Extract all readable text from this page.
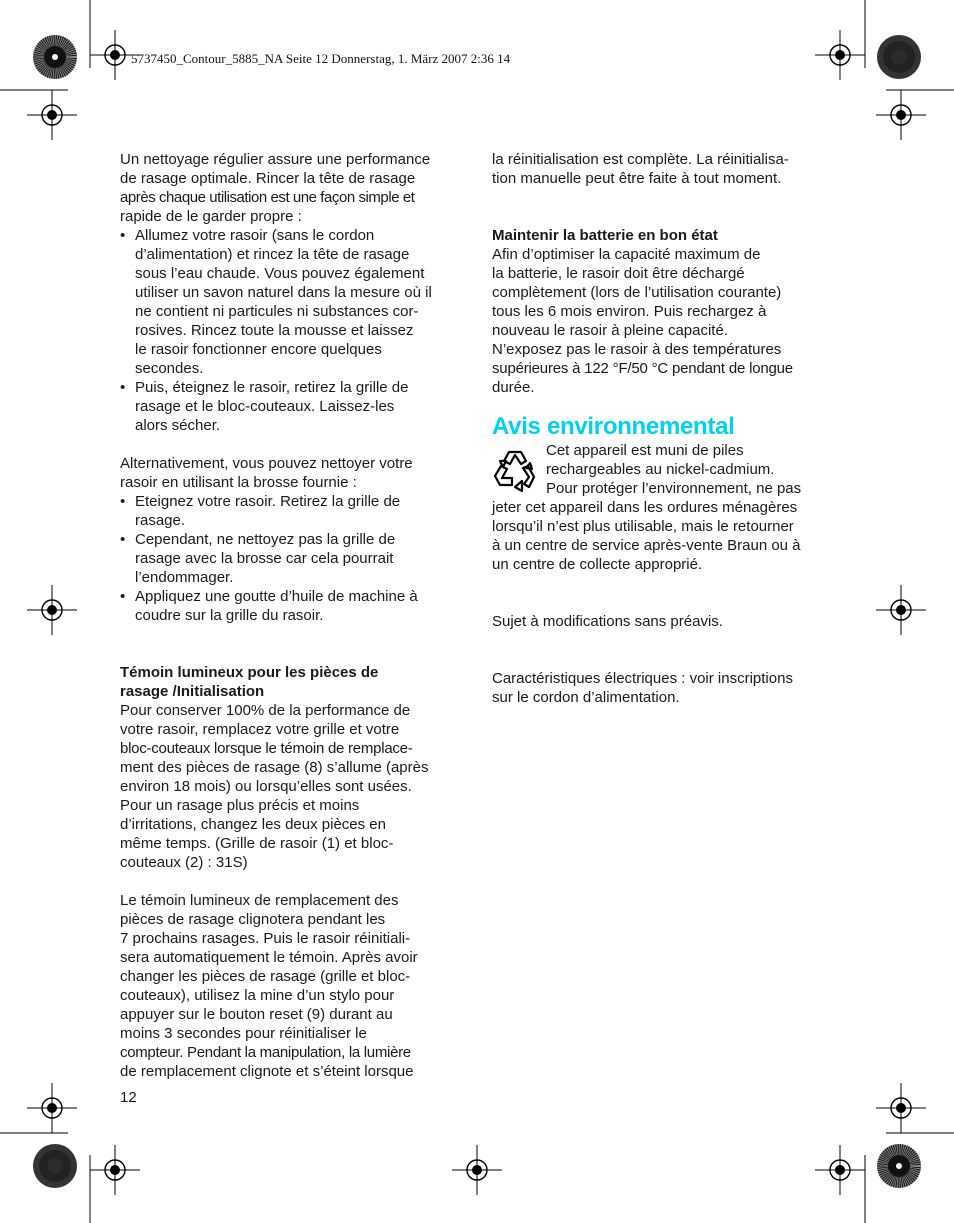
5737450_Contour_5885_NA Seite 12 Donnerstag, 1. März 2007 2:36 14

Un nettoyage régulier assure une performance

de rasage optimale. Rincer la tête de rasage

après chaque utilisation est une façon simple et

rapide de le garder propre :

• Allumez votre rasoir (sans le cordon

d’alimentation) et rincez la tête de rasage

sous l’eau chaude. Vous pouvez également

utiliser un savon naturel dans la mesure où il

ne contient ni particules ni substances cor-

rosives. Rincez toute la mousse et laissez

le rasoir fonctionner encore quelques

secondes.

• Puis, éteignez le rasoir, retirez la grille de

rasage et le bloc-couteaux. Laissez-les

alors sécher.

Alternativement, vous pouvez nettoyer votre

rasoir en utilisant la brosse fournie :

• Eteignez votre rasoir. Retirez la grille de

rasage.

• Cependant, ne nettoyez pas la grille de

rasage avec la brosse car cela pourrait

l’endommager.

• Appliquez une goutte d’huile de machine à

coudre sur la grille du rasoir.

Témoin lumineux pour les pièces de

rasage /Initialisation

Pour conserver 100% de la performance de

votre rasoir, remplacez votre grille et votre

bloc-couteaux lorsque le témoin de remplace-

ment des pièces de rasage (8) s’allume (après

environ 18 mois) ou lorsqu’elles sont usées.

Pour un rasage plus précis et moins

d’irritations, changez les deux pièces en

même temps. (Grille de rasoir (1) et bloc-

couteaux (2) : 31S)

Le témoin lumineux de remplacement des

pièces de rasage clignotera pendant les

7 prochains rasages. Puis le rasoir réinitiali-

sera automatiquement le témoin. Après avoir

changer les pièces de rasage (grille et bloc-

couteaux), utilisez la mine d’un stylo pour

appuyer sur le bouton reset (9) durant au

moins 3 secondes pour réinitialiser le

compteur. Pendant la manipulation, la lumière

de remplacement clignote et s’éteint lorsque

la réinitialisation est complète. La réinitialisa-

tion manuelle peut être faite à tout moment.

Maintenir la batterie en bon état

Afin d’optimiser la capacité maximum de

la batterie, le rasoir doit être déchargé

complètement (lors de l’utilisation courante)

tous les 6 mois environ. Puis rechargez à

nouveau le rasoir à pleine capacité.

N’exposez pas le rasoir à des températures

supérieures à 122 °F/50 °C pendant de longue

durée.

Avis environnemental

Cet appareil est muni de piles

rechargeables au nickel-cadmium.

Pour protéger l’environnement, ne pas

jeter cet appareil dans les ordures ménagères

lorsqu’il n’est plus utilisable, mais le retourner

à un centre de service après-vente Braun ou à

un centre de collecte approprié.

Sujet à modifications sans préavis.

Caractéristiques électriques : voir inscriptions

sur le cordon d’alimentation.

12
